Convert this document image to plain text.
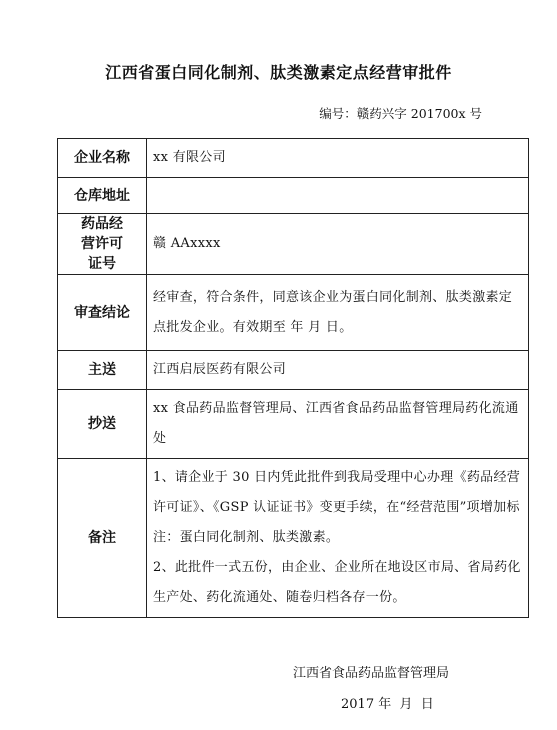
江西省蛋白同化制剂、肽类激素定点经营审批件
编号：赣药兴字 201700x 号
企业名称	xx 有限公司
仓库地址	
药品经营许可证号	赣 AAxxxx
审查结论	经审查，符合条件，同意该企业为蛋白同化制剂、肽类激素定点批发企业。有效期至 年 月 日。
主送	江西启辰医药有限公司
抄送	xx 食品药品监督管理局、江西省食品药品监督管理局药化流通处
备注	1、请企业于 30 日内凭此批件到我局受理中心办理《药品经营许可证》、《GSP 认证证书》变更手续，在“经营范围”项增加标注：蛋白同化制剂、肽类激素。

2、此批件一式五份，由企业、企业所在地设区市局、省局药化生产处、药化流通处、随卷归档各存一份。

江西省食品药品监督管理局
2017 年  月  日
